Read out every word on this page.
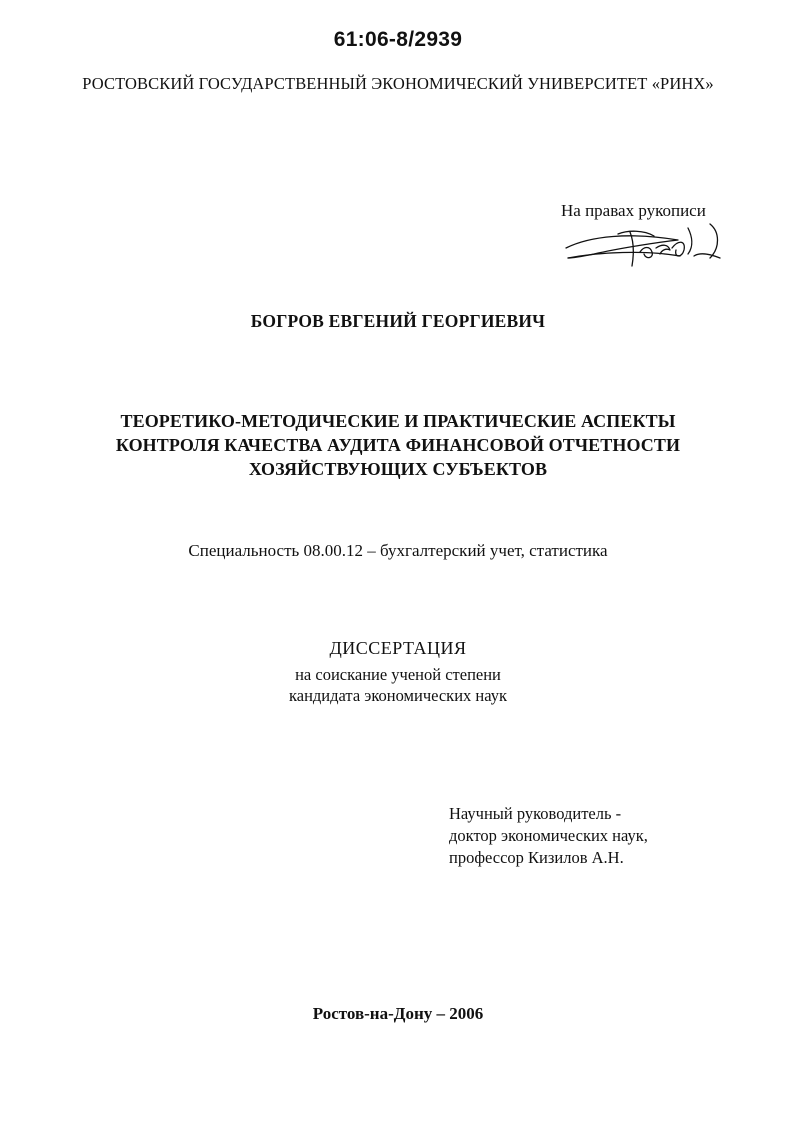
61:06-8/2939
РОСТОВСКИЙ ГОСУДАРСТВЕННЫЙ ЭКОНОМИЧЕСКИЙ УНИВЕРСИТЕТ «РИНХ»
На правах рукописи
БОГРОВ ЕВГЕНИЙ ГЕОРГИЕВИЧ
ТЕОРЕТИКО-МЕТОДИЧЕСКИЕ И ПРАКТИЧЕСКИЕ АСПЕКТЫ
КОНТРОЛЯ КАЧЕСТВА АУДИТА ФИНАНСОВОЙ ОТЧЕТНОСТИ
ХОЗЯЙСТВУЮЩИХ СУБЪЕКТОВ
Специальность 08.00.12 – бухгалтерский учет, статистика
ДИССЕРТАЦИЯ
на соискание ученой степени
кандидата экономических наук
Научный руководитель -
доктор экономических наук,
профессор Кизилов А.Н.
Ростов-на-Дону – 2006
